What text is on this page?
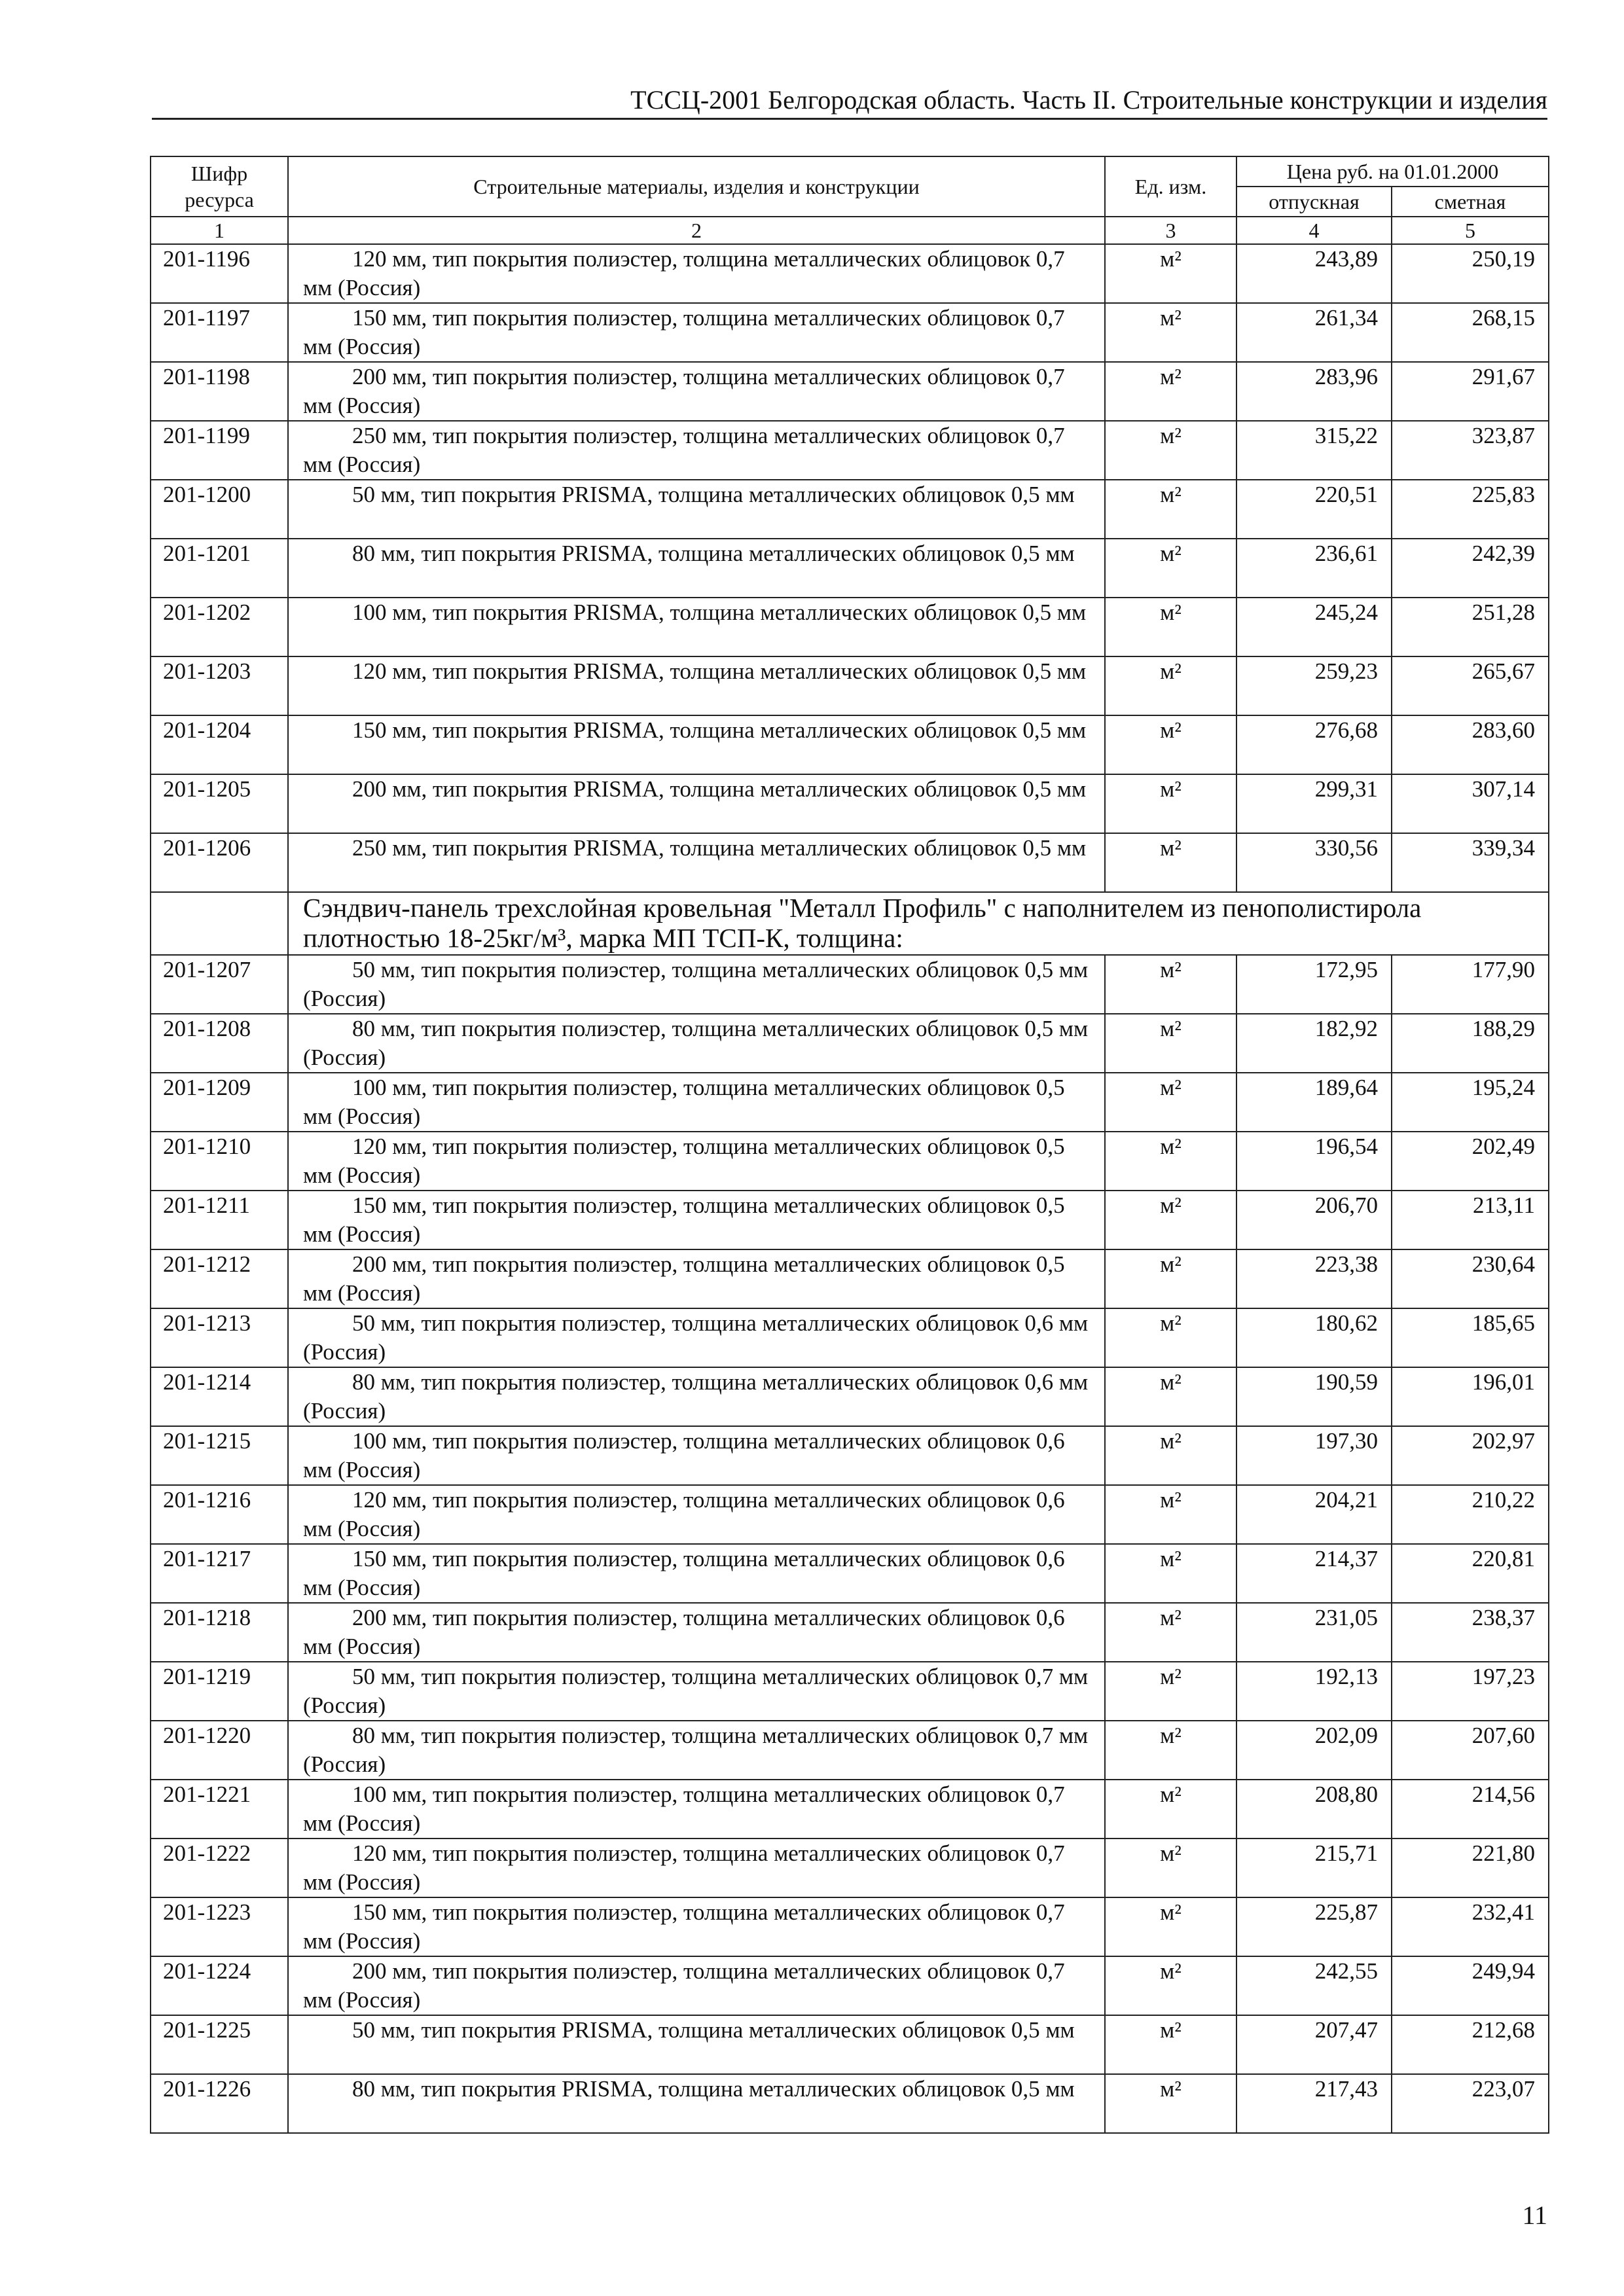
ТССЦ-2001 Белгородская область. Часть II. Строительные конструкции и изделия
Шифр ресурса	Строительные материалы, изделия и конструкции	Ед. изм.	Цена руб. на 01.01.2000	
			отпускная	сметная
1	2	3	4	5
201-1196	120 мм, тип покрытия полиэстер, толщина металлических облицовок 0,7 мм (Россия)	м²	243,89	250,19
201-1197	150 мм, тип покрытия полиэстер, толщина металлических облицовок 0,7 мм (Россия)	м²	261,34	268,15
201-1198	200 мм, тип покрытия полиэстер, толщина металлических облицовок 0,7 мм (Россия)	м²	283,96	291,67
201-1199	250 мм, тип покрытия полиэстер, толщина металлических облицовок 0,7 мм (Россия)	м²	315,22	323,87
201-1200	50 мм, тип покрытия PRISMA, толщина металлических облицовок 0,5 мм	м²	220,51	225,83
201-1201	80 мм, тип покрытия PRISMA, толщина металлических облицовок 0,5 мм	м²	236,61	242,39
201-1202	100 мм, тип покрытия PRISMA, толщина металлических облицовок 0,5 мм	м²	245,24	251,28
201-1203	120 мм, тип покрытия PRISMA, толщина металлических облицовок 0,5 мм	м²	259,23	265,67
201-1204	150 мм, тип покрытия PRISMA, толщина металлических облицовок 0,5 мм	м²	276,68	283,60
201-1205	200 мм, тип покрытия PRISMA, толщина металлических облицовок 0,5 мм	м²	299,31	307,14
201-1206	250 мм, тип покрытия PRISMA, толщина металлических облицовок 0,5 мм	м²	330,56	339,34
	Сэндвич-панель трехслойная кровельная "Металл Профиль" с наполнителем из пенополистирола плотностью 18-25кг/м³, марка МП ТСП-К, толщина:			
201-1207	50 мм, тип покрытия полиэстер, толщина металлических облицовок 0,5 мм (Россия)	м²	172,95	177,90
201-1208	80 мм, тип покрытия полиэстер, толщина металлических облицовок 0,5 мм (Россия)	м²	182,92	188,29
201-1209	100 мм, тип покрытия полиэстер, толщина металлических облицовок 0,5 мм (Россия)	м²	189,64	195,24
201-1210	120 мм, тип покрытия полиэстер, толщина металлических облицовок 0,5 мм (Россия)	м²	196,54	202,49
201-1211	150 мм, тип покрытия полиэстер, толщина металлических облицовок 0,5 мм (Россия)	м²	206,70	213,11
201-1212	200 мм, тип покрытия полиэстер, толщина металлических облицовок 0,5 мм (Россия)	м²	223,38	230,64
201-1213	50 мм, тип покрытия полиэстер, толщина металлических облицовок 0,6 мм (Россия)	м²	180,62	185,65
201-1214	80 мм, тип покрытия полиэстер, толщина металлических облицовок 0,6 мм (Россия)	м²	190,59	196,01
201-1215	100 мм, тип покрытия полиэстер, толщина металлических облицовок 0,6 мм (Россия)	м²	197,30	202,97
201-1216	120 мм, тип покрытия полиэстер, толщина металлических облицовок 0,6 мм (Россия)	м²	204,21	210,22
201-1217	150 мм, тип покрытия полиэстер, толщина металлических облицовок 0,6 мм (Россия)	м²	214,37	220,81
201-1218	200 мм, тип покрытия полиэстер, толщина металлических облицовок 0,6 мм (Россия)	м²	231,05	238,37
201-1219	50 мм, тип покрытия полиэстер, толщина металлических облицовок 0,7 мм (Россия)	м²	192,13	197,23
201-1220	80 мм, тип покрытия полиэстер, толщина металлических облицовок 0,7 мм (Россия)	м²	202,09	207,60
201-1221	100 мм, тип покрытия полиэстер, толщина металлических облицовок 0,7 мм (Россия)	м²	208,80	214,56
201-1222	120 мм, тип покрытия полиэстер, толщина металлических облицовок 0,7 мм (Россия)	м²	215,71	221,80
201-1223	150 мм, тип покрытия полиэстер, толщина металлических облицовок 0,7 мм (Россия)	м²	225,87	232,41
201-1224	200 мм, тип покрытия полиэстер, толщина металлических облицовок 0,7 мм (Россия)	м²	242,55	249,94
201-1225	50 мм, тип покрытия PRISMA, толщина металлических облицовок 0,5 мм	м²	207,47	212,68
201-1226	80 мм, тип покрытия PRISMA, толщина металлических облицовок 0,5 мм	м²	217,43	223,07
11
